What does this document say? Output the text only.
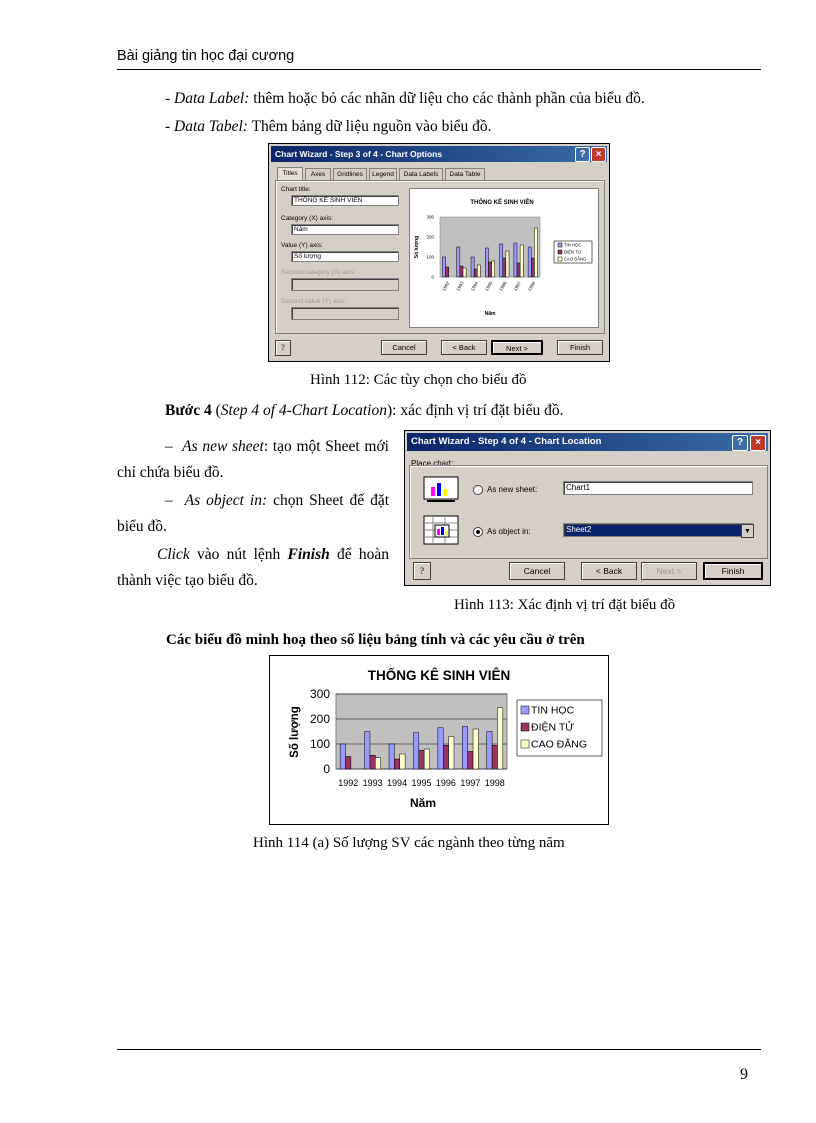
Bài giảng tin học đại cương
- Data Label: thêm hoặc bỏ các nhãn dữ liệu cho các thành phần của biểu đồ.
- Data Tabel: Thêm bảng dữ liệu nguồn vào biểu đồ.
Chart Wizard - Step 3 of 4 - Chart Options	?	×
Titles	Axes	Gridlines	Legend	Data Labels	Data Table
Chart title:
THỐNG KÊ SINH VIÊN
Category (X) axis:
Năm
Value (Y) axis:
Số lượng
Second category (X) axis:
Second value (Y) axis:
THỐNG KÊ SINH VIÊN
1992 1993 1994 1995 1996 1997 1998
0
100
200
300
Số lượng
Năm
TIN HỌC
ĐIỆN TỬ
CAO ĐẲNG
?	Cancel	< Back	Next >	Finish
Hình 112: Các tùy chọn cho biểu đồ
Bước 4 (Step 4 of 4-Chart Location): xác định vị trí đặt biểu đồ.
–  As new sheet: tạo một Sheet mới chỉ chứa biểu đồ.
–  As object in: chọn Sheet để đặt biểu đồ.
Click vào nút lệnh Finish để hoàn thành việc tạo biểu đồ.
Chart Wizard - Step 4 of 4 - Chart Location	?	×
Place chart:
As new sheet:	Chart1
As object in:	Sheet2	▼
?	Cancel	< Back	Next >	Finish
Hình 113: Xác định vị trí đặt biểu đồ
Các biểu đồ minh hoạ theo số liệu bảng tính và các yêu cầu ở trên
THỐNG KÊ SINH VIÊN
0
100
200
300
1992 1993 1994 1995 1996 1997 1998
Số lượng
Năm
TIN HỌC
ĐIỆN TỬ
CAO ĐẲNG
Hình 114 (a) Số lượng SV các ngành theo từng năm
9
